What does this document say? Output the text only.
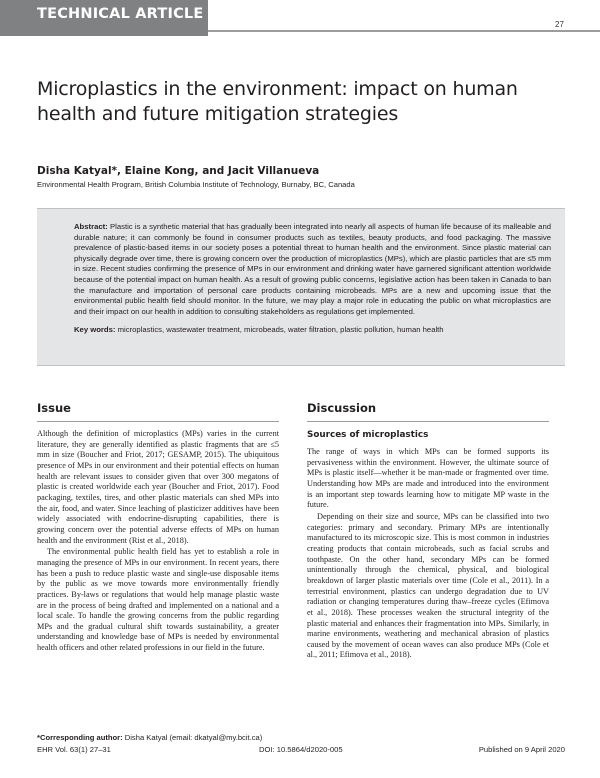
TECHNICAL ARTICLE
27
Microplastics in the environment: impact on human health and future mitigation strategies
Disha Katyal*, Elaine Kong, and Jacit Villanueva
Environmental Health Program, British Columbia Institute of Technology, Burnaby, BC, Canada

Abstract: Plastic is a synthetic material that has gradually been integrated into nearly all aspects of human life because of its malleable and durable nature; it can commonly be found in consumer products such as textiles, beauty products, and food packaging. The massive prevalence of plastic-based items in our society poses a potential threat to human health and the environment. Since plastic material can physically degrade over time, there is growing concern over the production of microplastics (MPs), which are plastic particles that are ≤5 mm in size. Recent studies confirming the presence of MPs in our environment and drinking water have garnered significant attention worldwide because of the potential impact on human health. As a result of growing public concerns, legislative action has been taken in Canada to ban the manufacture and importation of personal care products containing microbeads. MPs are a new and upcoming issue that the environmental public health field should monitor. In the future, we may play a major role in educating the public on what microplastics are and their impact on our health in addition to consulting stakeholders as regulations get implemented.

Key words: microplastics, wastewater treatment, microbeads, water filtration, plastic pollution, human health

Issue

Although the definition of microplastics (MPs) varies in the current literature, they are generally identified as plastic fragments that are ≤5 mm in size (Boucher and Friot, 2017; GESAMP, 2015). The ubiquitous presence of MPs in our environment and their potential effects on human health are relevant issues to consider given that over 300 megatons of plastic is created worldwide each year (Boucher and Friot, 2017). Food packaging, textiles, tires, and other plastic materials can shed MPs into the air, food, and water. Since leaching of plasticizer additives have been widely associated with endocrine-disrupting capabilities, there is growing concern over the potential adverse effects of MPs on human health and the environment (Rist et al., 2018).

The environmental public health field has yet to establish a role in managing the presence of MPs in our environment. In recent years, there has been a push to reduce plastic waste and single-use disposable items by the public as we move towards more environmentally friendly practices. By-laws or regulations that would help manage plastic waste are in the process of being drafted and implemented on a national and a local scale. To handle the growing concerns from the public regarding MPs and the gradual cultural shift towards sustainability, a greater understanding and knowledge base of MPs is needed by environmental health officers and other related professions in our field in the future.

Discussion
Sources of microplastics

The range of ways in which MPs can be formed supports its pervasiveness within the environment. However, the ultimate source of MPs is plastic itself—whether it be man-made or fragmented over time. Understanding how MPs are made and introduced into the environment is an important step towards learning how to mitigate MP waste in the future.

Depending on their size and source, MPs can be classified into two categories: primary and secondary. Primary MPs are intentionally manufactured to its microscopic size. This is most common in industries creating products that contain microbeads, such as facial scrubs and toothpaste. On the other hand, secondary MPs can be formed unintentionally through the chemical, physical, and biological breakdown of larger plastic materials over time (Cole et al., 2011). In a terrestrial environment, plastics can undergo degradation due to UV radiation or changing temperatures during thaw–freeze cycles (Efimova et al., 2018). These processes weaken the structural integrity of the plastic material and enhances their fragmentation into MPs. Similarly, in marine environments, weathering and mechanical abrasion of plastics caused by the movement of ocean waves can also produce MPs (Cole et al., 2011; Efimova et al., 2018).

*Corresponding author: Disha Katyal (email: dkatyal@my.bcit.ca)
EHR Vol. 63(1) 27–31	DOI: 10.5864/d2020-005	Published on 9 April 2020
